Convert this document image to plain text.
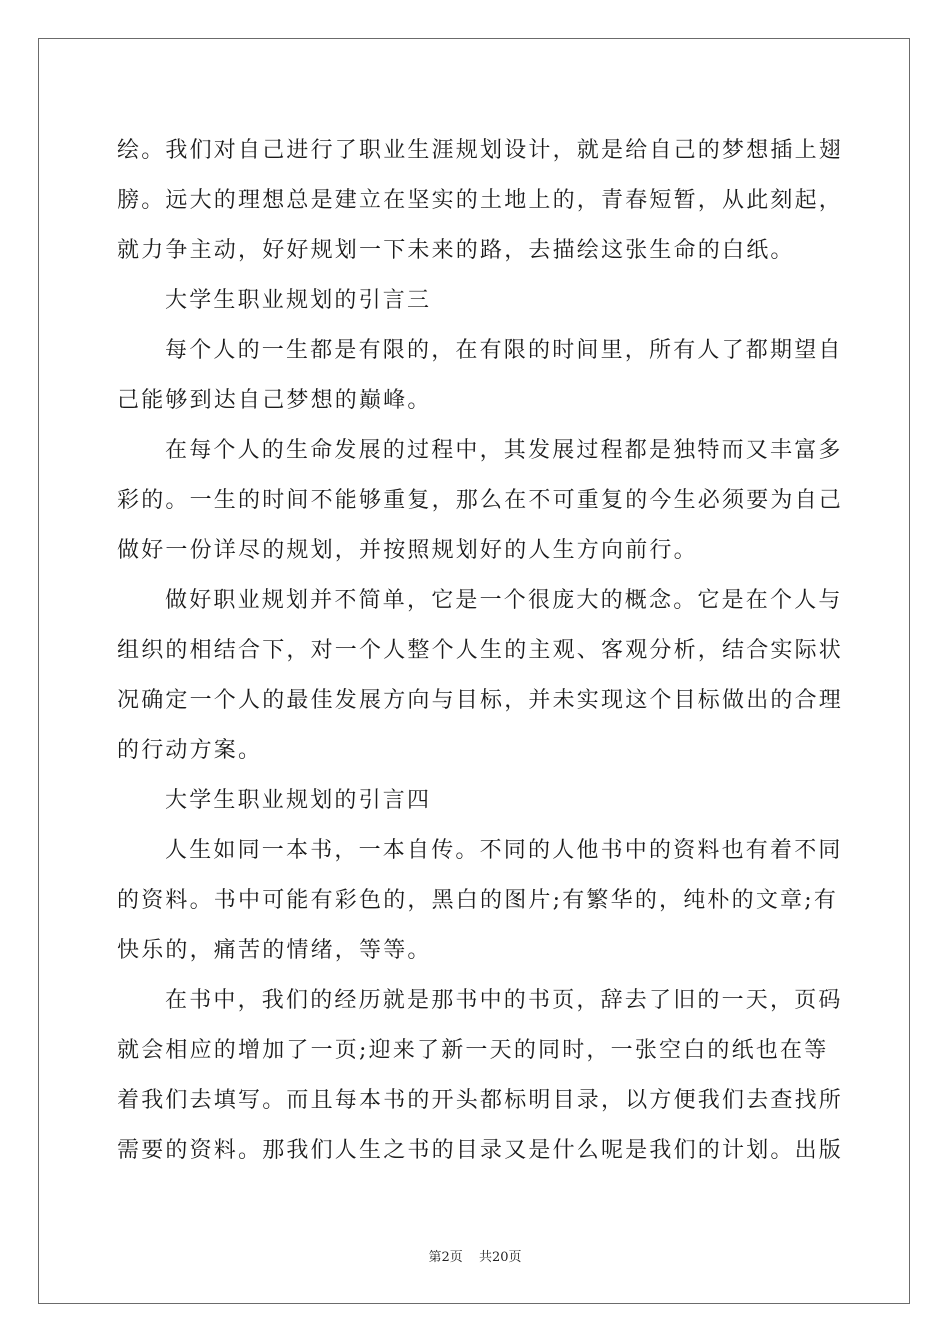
绘。我们对自己进行了职业生涯规划设计，就是给自己的梦想插上翅
膀。远大的理想总是建立在坚实的土地上的，青春短暂，从此刻起，
就力争主动，好好规划一下未来的路，去描绘这张生命的白纸。
大学生职业规划的引言三
每个人的一生都是有限的，在有限的时间里，所有人了都期望自
己能够到达自己梦想的巅峰。
在每个人的生命发展的过程中，其发展过程都是独特而又丰富多
彩的。一生的时间不能够重复，那么在不可重复的今生必须要为自己
做好一份详尽的规划，并按照规划好的人生方向前行。
做好职业规划并不简单，它是一个很庞大的概念。它是在个人与
组织的相结合下，对一个人整个人生的主观、客观分析，结合实际状
况确定一个人的最佳发展方向与目标，并未实现这个目标做出的合理
的行动方案。
大学生职业规划的引言四
人生如同一本书，一本自传。不同的人他书中的资料也有着不同
的资料。书中可能有彩色的，黑白的图片;有繁华的，纯朴的文章;有
快乐的，痛苦的情绪，等等。
在书中，我们的经历就是那书中的书页，辞去了旧的一天，页码
就会相应的增加了一页;迎来了新一天的同时，一张空白的纸也在等
着我们去填写。而且每本书的开头都标明目录，以方便我们去查找所
需要的资料。那我们人生之书的目录又是什么呢是我们的计划。出版
第2页 共20页
